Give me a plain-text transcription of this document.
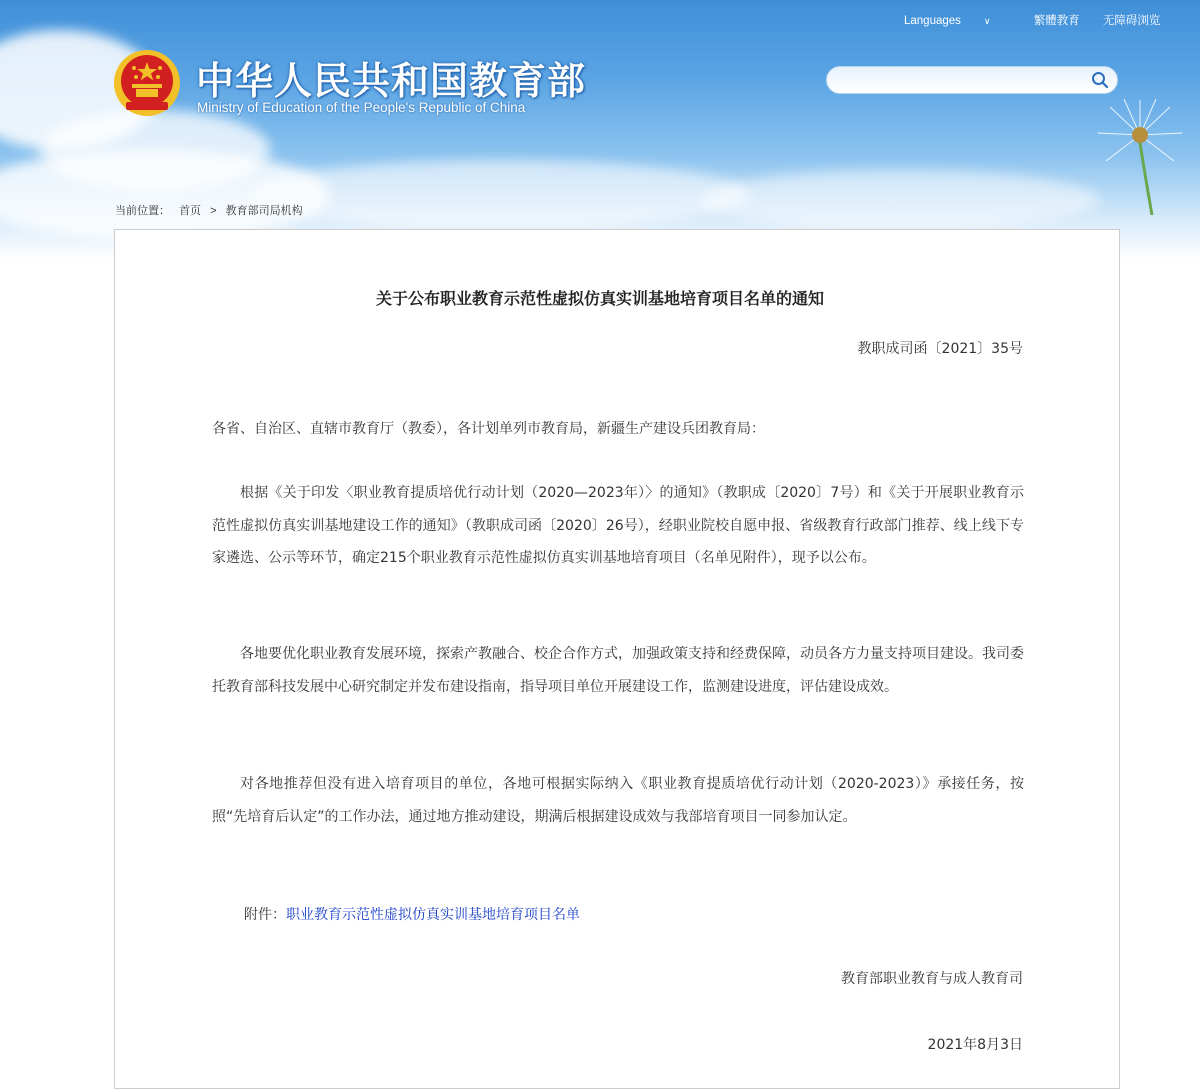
中华人民共和国教育部
Ministry of Education of the People's Republic of China
Languages	∨	繁體教育 无障碍浏览
当前位置： 首页 > 教育部司局机构
关于公布职业教育示范性虚拟仿真实训基地培育项目名单的通知
教职成司函〔2021〕35号
各省、自治区、直辖市教育厅（教委），各计划单列市教育局，新疆生产建设兵团教育局：

根据《关于印发〈职业教育提质培优行动计划（2020—2023年）〉的通知》（教职成〔2020〕7号）和《关于开展职业教育示范性虚拟仿真实训基地建设工作的通知》（教职成司函〔2020〕26号），经职业院校自愿申报、省级教育行政部门推荐、线上线下专家遴选、公示等环节，确定215个职业教育示范性虚拟仿真实训基地培育项目（名单见附件），现予以公布。

各地要优化职业教育发展环境，探索产教融合、校企合作方式，加强政策支持和经费保障，动员各方力量支持项目建设。我司委托教育部科技发展中心研究制定并发布建设指南，指导项目单位开展建设工作，监测建设进度，评估建设成效。

对各地推荐但没有进入培育项目的单位，各地可根据实际纳入《职业教育提质培优行动计划（2020-2023）》承接任务，按照“先培育后认定”的工作办法，通过地方推动建设，期满后根据建设成效与我部培育项目一同参加认定。

附件：职业教育示范性虚拟仿真实训基地培育项目名单
教育部职业教育与成人教育司
2021年8月3日
